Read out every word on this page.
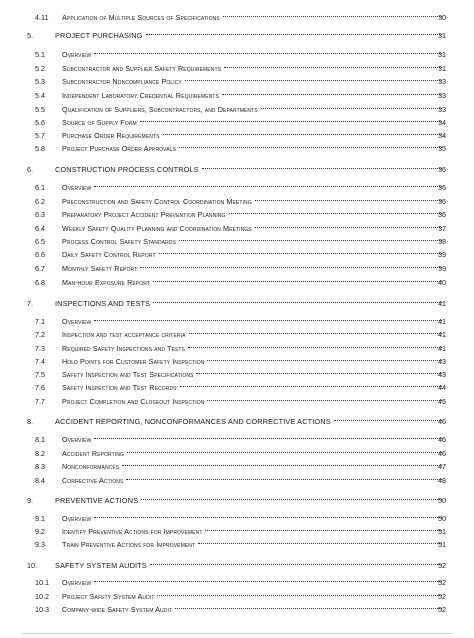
4.11 Application of Multiple Sources of Specifications	30
5.	PROJECT PURCHASING	31
5.1 Overview	31
5.2 Subcontractor and Supplier Safety Requirements	31
5.3 Subcontractor Noncompliance Policy	33
5.4 Independent Laboratory Credential Requirements	33
5.5 Qualification of Suppliers, Subcontractors, and Departments	33
5.6 Source of Supply Form	34
5.7 Purchase Order Requirements	34
5.8 Project Purchase Order Approvals	35
6.	CONSTRUCTION PROCESS CONTROLS	36
6.1 Overview	36
6.2 Preconstruction and Safety Control Coordination Meeting	36
6.3 Preparatory Project Accident Prevention Planning	36
6.4 Weekly Safety Quality Planning and Coordination Meetings	37
6.5 Process Control Safety Standards	38
6.6 Daily Safety Control Report	39
6.7 Monthly Safety Report	39
6.8 Man-hour Exposure Report	40
7.	INSPECTIONS AND TESTS	41
7.1 Overview	41
7.2 Inspection and test acceptance criteria	41
7.3 Required Safety Inspections and Tests	41
7.4 Hold Points for Customer Safety Inspection	43
7.5 Safety Inspection and Test Specifications	43
7.6 Safety Inspection and Test Records	44
7.7 Project Completion and Closeout Inspection	45
8.	ACCIDENT REPORTING, NONCONFORMANCES AND CORRECTIVE ACTIONS	46
8.1 Overview	46
8.2 Accident Reporting	46
8.3 Nonconformances	47
8.4 Corrective Actions	48
9.	PREVENTIVE ACTIONS	50
9.1 Overview	50
9.2 Identify Preventive Actions for Improvement	51
9.3 Train Preventive Actions for Improvement	51
10. SAFETY SYSTEM AUDITS	52
10.1 Overview	52
10.2 Project Safety System Audit	52
10.3 Company-wide Safety System Audit	52
